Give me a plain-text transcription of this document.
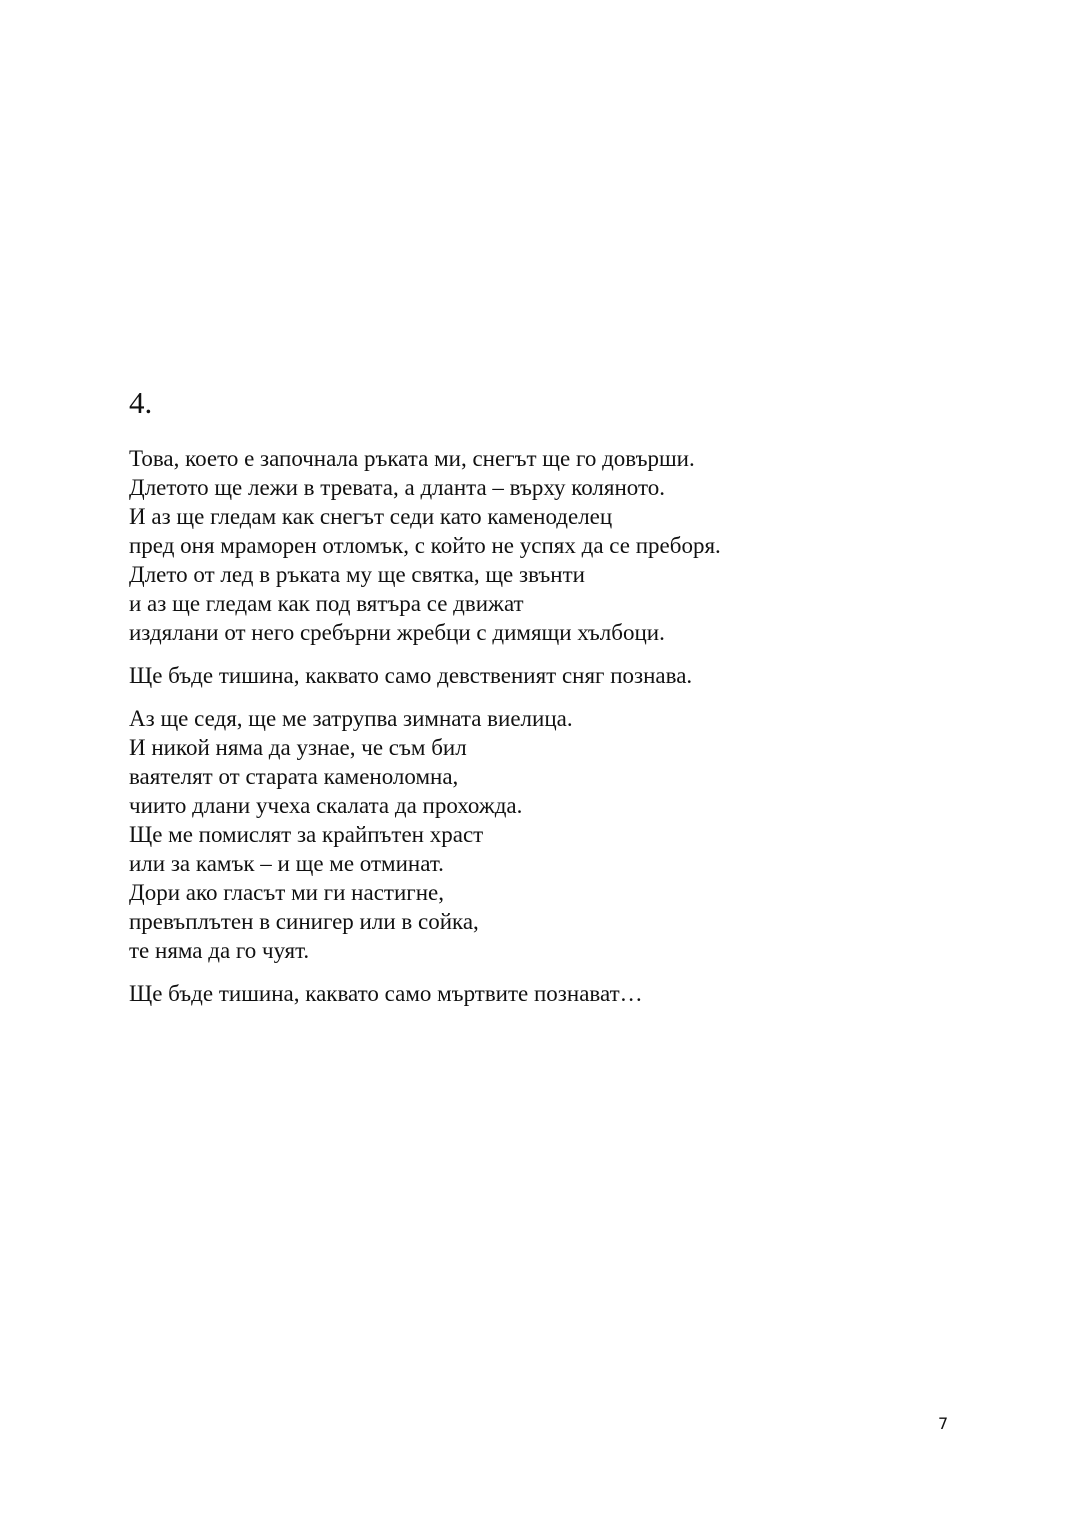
4.

Това, което е започнала ръката ми, снегът ще го довърши.
Длетото ще лежи в тревата, а дланта – върху коляното.
И аз ще гледам как снегът седи като каменоделец
пред оня мраморен отломък, с който не успях да се преборя.
Длето от лед в ръката му ще святка, ще звънти
и аз ще гледам как под вятъра се движат
издялани от него сребърни жребци с димящи хълбоци.

Ще бъде тишина, каквато само девственият сняг познава.

Аз ще седя, ще ме затрупва зимната виелица.
И никой няма да узнае, че съм бил
ваятелят от старата каменоломна,
чиито длани учеха скалата да прохожда.
Ще ме помислят за крайпътен храст
или за камък – и ще ме отминат.
Дори ако гласът ми ги настигне,
превъплътен в синигер или в сойка,
те няма да го чуят.

Ще бъде тишина, каквато само мъртвите познават…

7
